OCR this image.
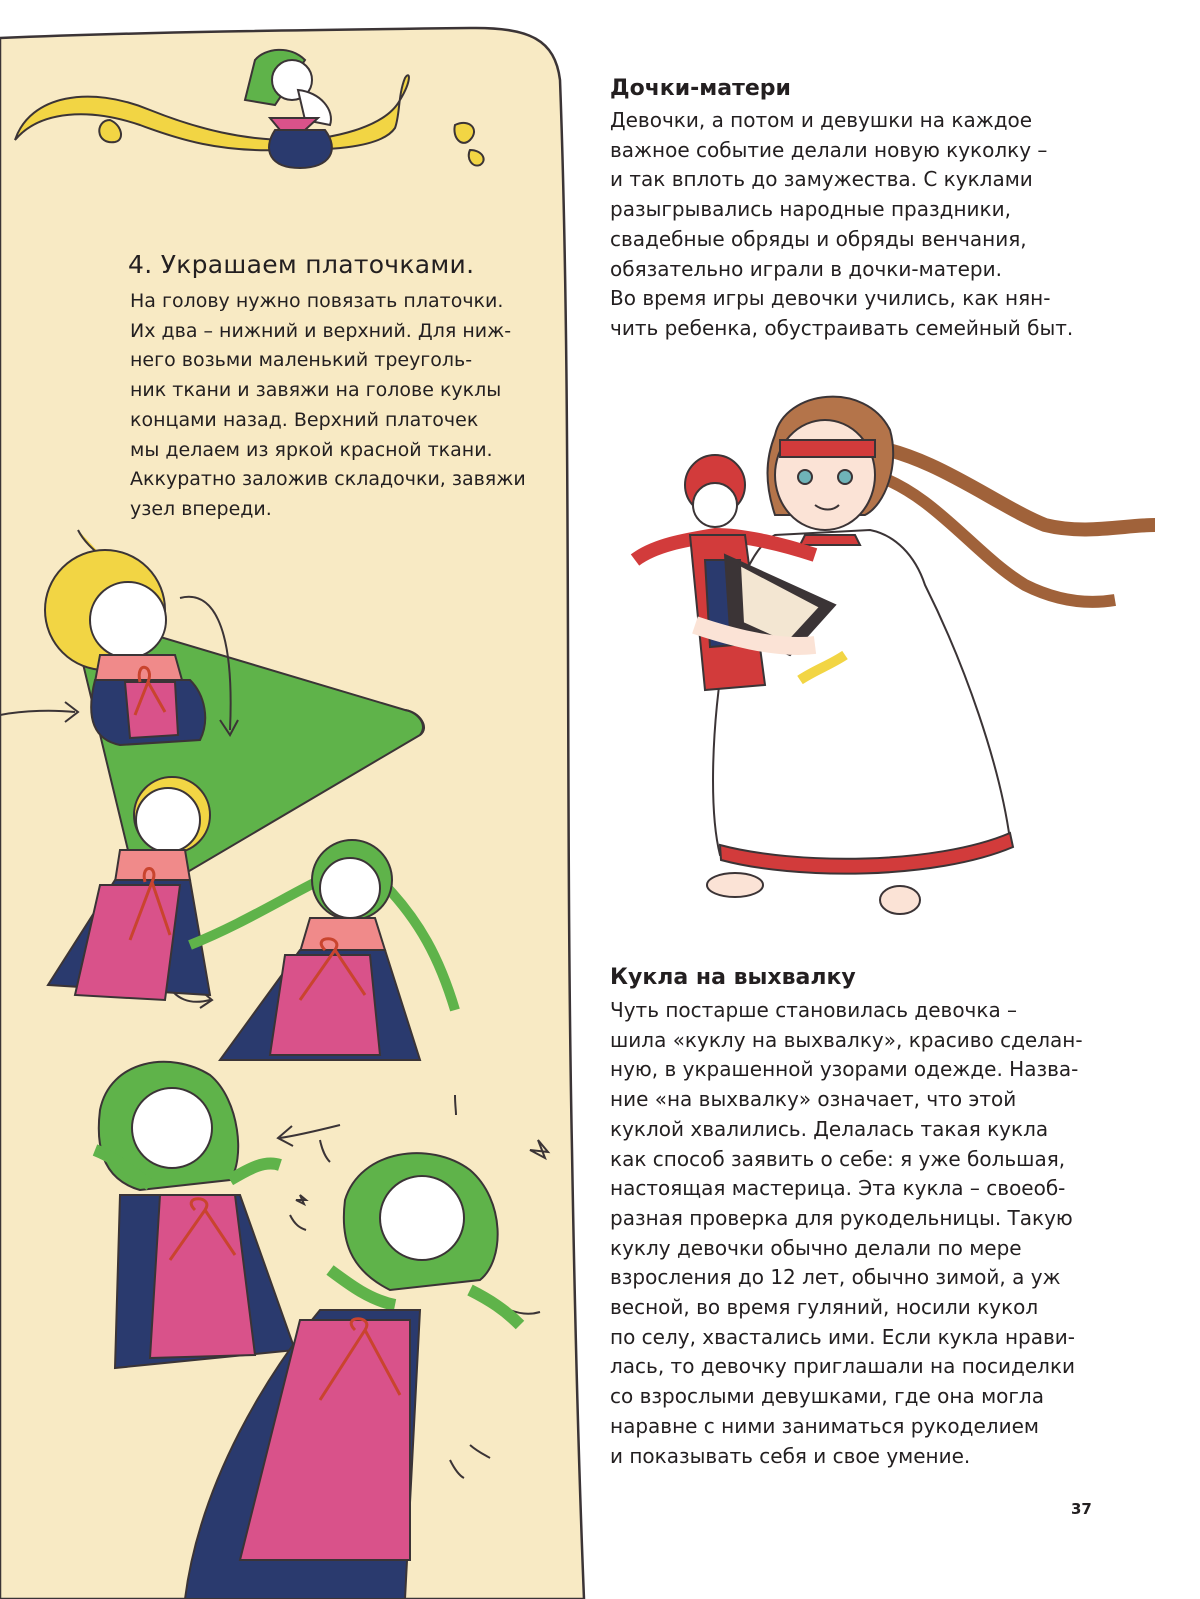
4. Украшаем платочками.
На голову нужно повязать платочки.
Их два – нижний и верхний. Для ниж-
него возьми маленький треуголь-
ник ткани и завяжи на голове куклы
концами назад. Верхний платочек
мы делаем из яркой красной ткани.
Аккуратно заложив складочки, завяжи
узел впереди.
Дочки-матери
Девочки, а потом и девушки на каждое
важное событие делали новую куколку –
и так вплоть до замужества. С куклами
разыгрывались народные праздники,
свадебные обряды и обряды венчания,
обязательно играли в дочки-матери.
Во время игры девочки учились, как нян-
чить ребенка, обустраивать семейный быт.
Кукла на выхвалку
Чуть постарше становилась девочка –
шила «куклу на выхвалку», красиво сделан-
ную, в украшенной узорами одежде. Назва-
ние «на выхвалку» означает, что этой
куклой хвалились. Делалась такая кукла
как способ заявить о себе: я уже большая,
настоящая мастерица. Эта кукла – своеоб-
разная проверка для рукодельницы. Такую
куклу девочки обычно делали по мере
взросления до 12 лет, обычно зимой, а уж
весной, во время гуляний, носили кукол
по селу, хвастались ими. Если кукла нрави-
лась, то девочку приглашали на посиделки
со взрослыми девушками, где она могла
наравне с ними заниматься рукоделием
и показывать себя и свое умение.
37
